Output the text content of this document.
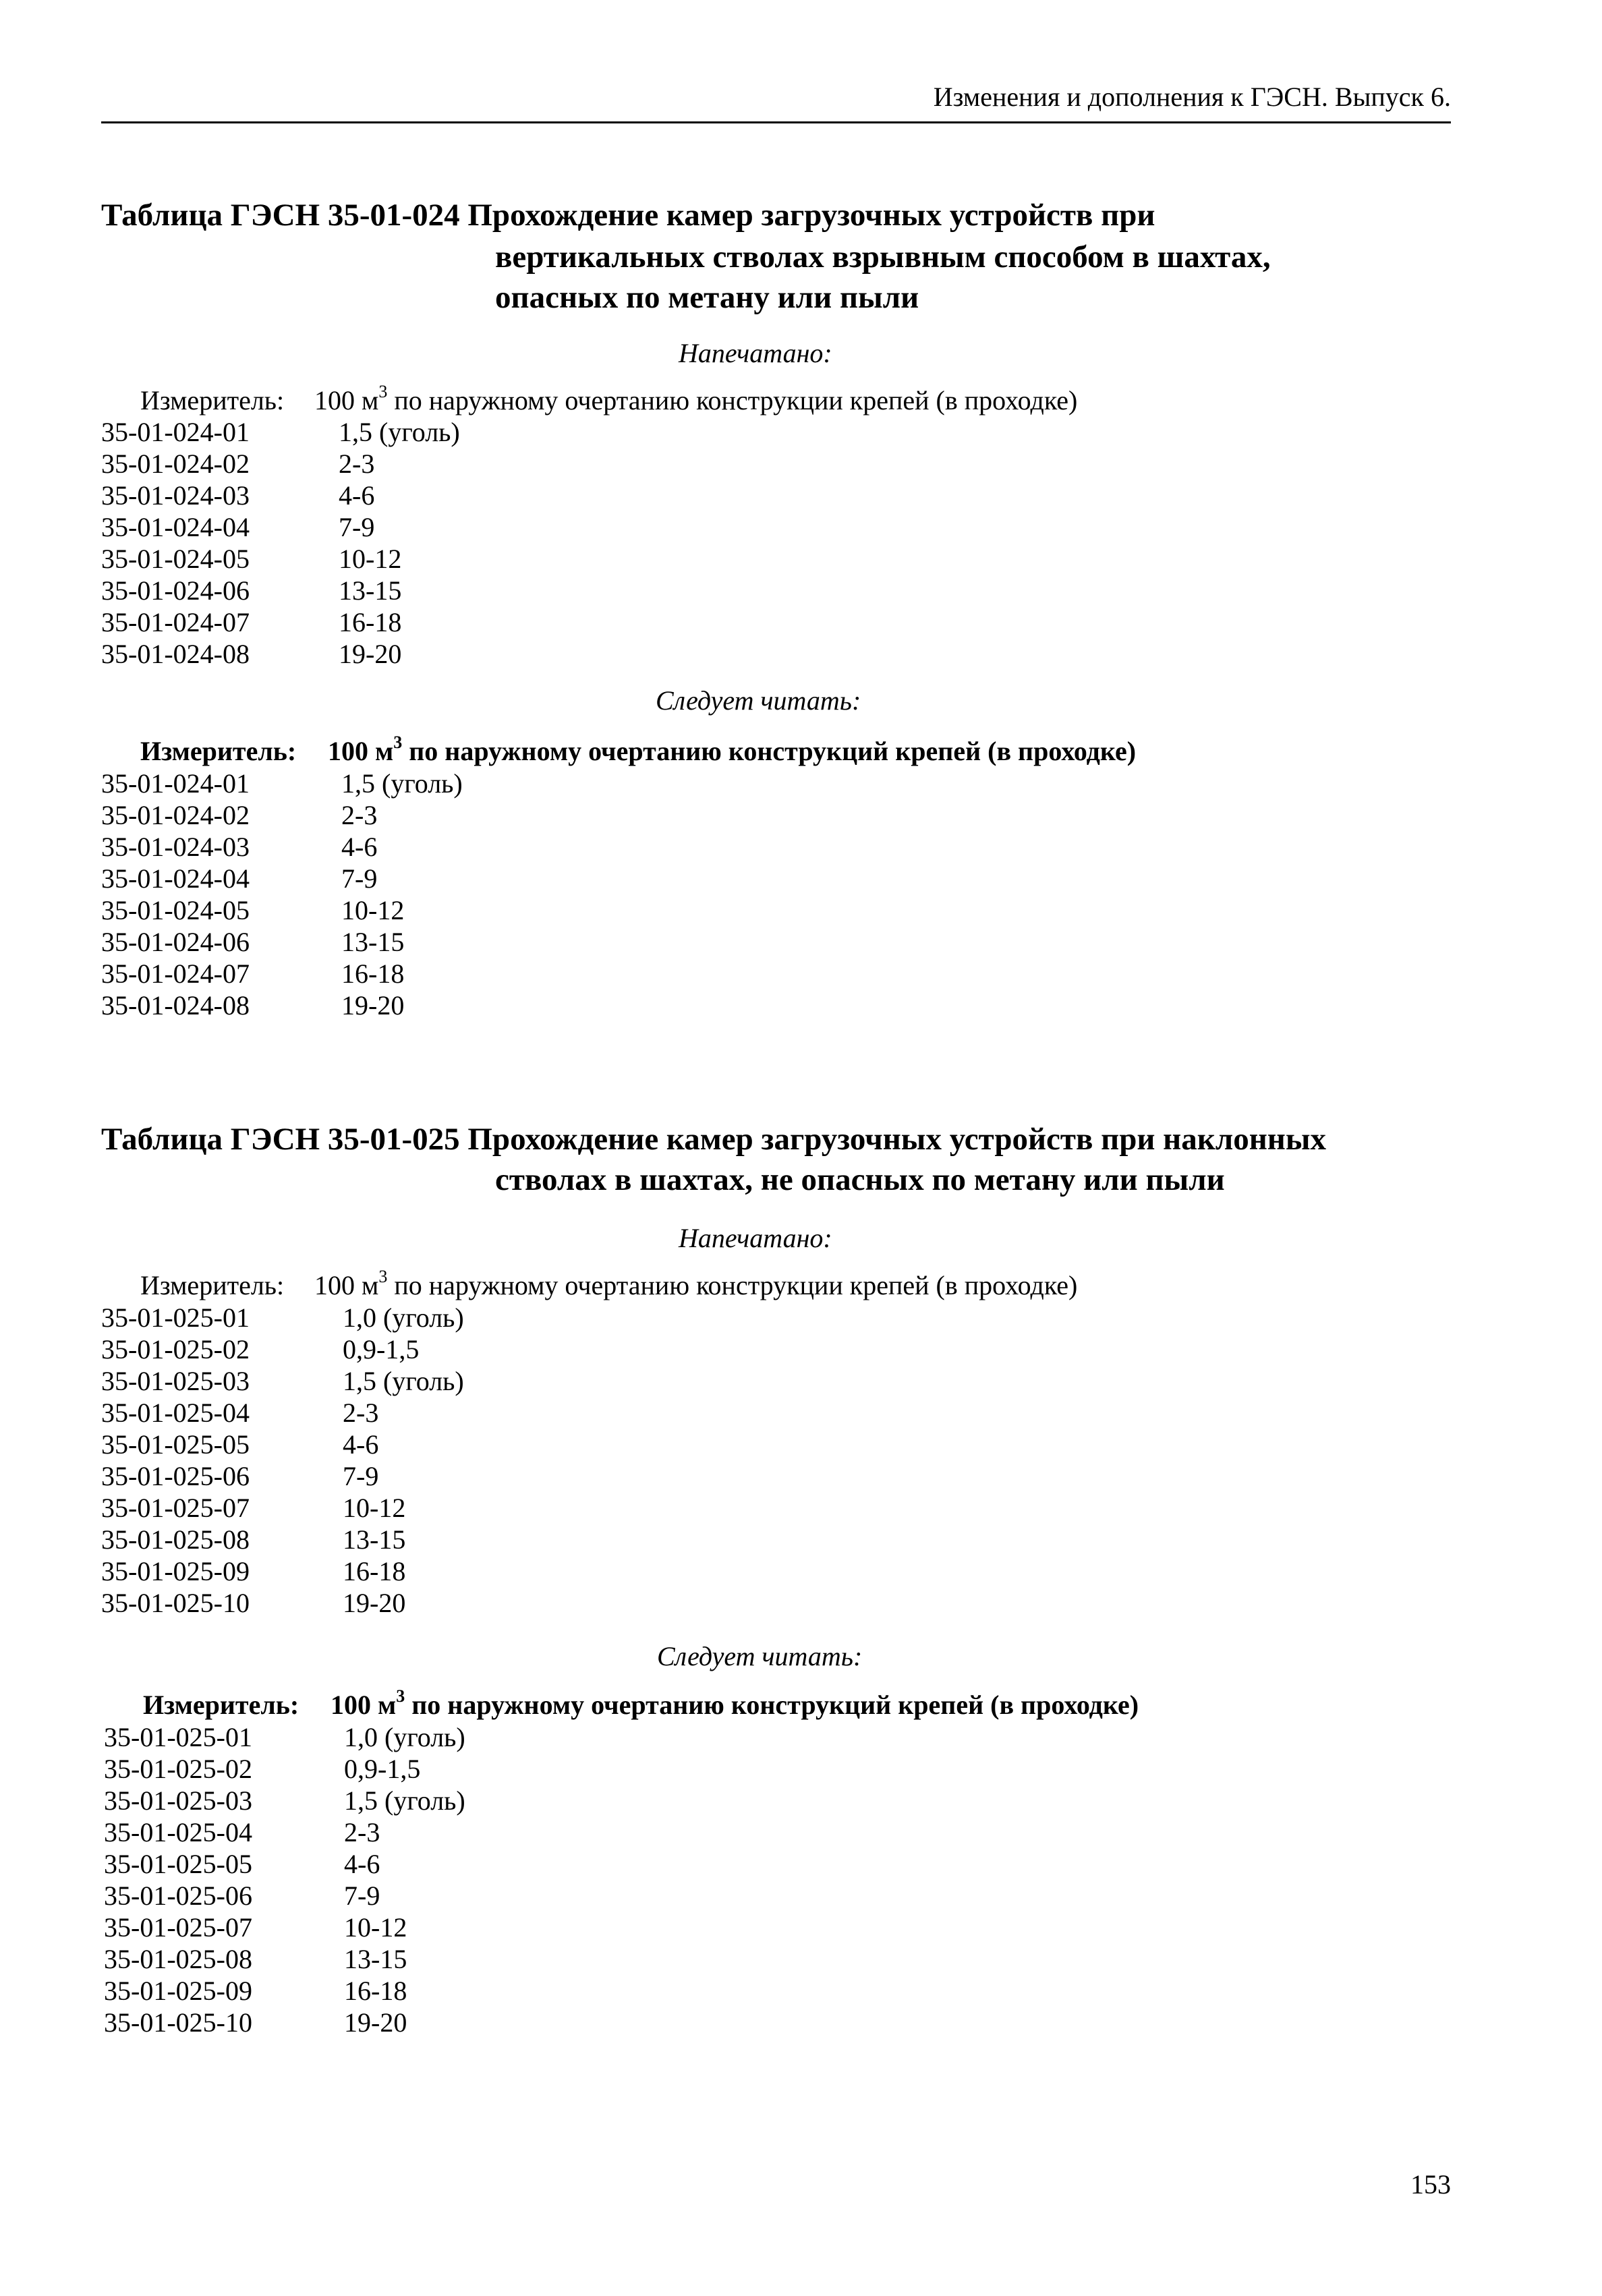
Изменения и дополнения к ГЭСН. Выпуск 6.
Таблица ГЭСН 35-01-024 Прохождение камер загрузочных устройств при
вертикальных стволах взрывным способом в шахтах,
опасных по метану или пыли
Напечатано:
Измеритель: 100 $м^3$ по наружному очертанию конструкции крепей (в проходке)
35-01-024-01	1,5 (уголь)
35-01-024-02	2-3
35-01-024-03	4-6
35-01-024-04	7-9
35-01-024-05	10-12
35-01-024-06	13-15
35-01-024-07	16-18
35-01-024-08	19-20
Следует читать:
Измеритель: 100 $м^3$ по наружному очертанию конструкций крепей (в проходке)
35-01-024-01	1,5 (уголь)
35-01-024-02	2-3
35-01-024-03	4-6
35-01-024-04	7-9
35-01-024-05	10-12
35-01-024-06	13-15
35-01-024-07	16-18
35-01-024-08	19-20
Таблица ГЭСН 35-01-025 Прохождение камер загрузочных устройств при наклонных
стволах в шахтах, не опасных по метану или пыли
Напечатано:
Измеритель: 100 $м^3$ по наружному очертанию конструкции крепей (в проходке)
35-01-025-01	1,0 (уголь)
35-01-025-02	0,9-1,5
35-01-025-03	1,5 (уголь)
35-01-025-04	2-3
35-01-025-05	4-6
35-01-025-06	7-9
35-01-025-07	10-12
35-01-025-08	13-15
35-01-025-09	16-18
35-01-025-10	19-20
Следует читать:
Измеритель: 100 $м^3$ по наружному очертанию конструкций крепей (в проходке)
35-01-025-01	1,0 (уголь)
35-01-025-02	0,9-1,5
35-01-025-03	1,5 (уголь)
35-01-025-04	2-3
35-01-025-05	4-6
35-01-025-06	7-9
35-01-025-07	10-12
35-01-025-08	13-15
35-01-025-09	16-18
35-01-025-10	19-20
153
